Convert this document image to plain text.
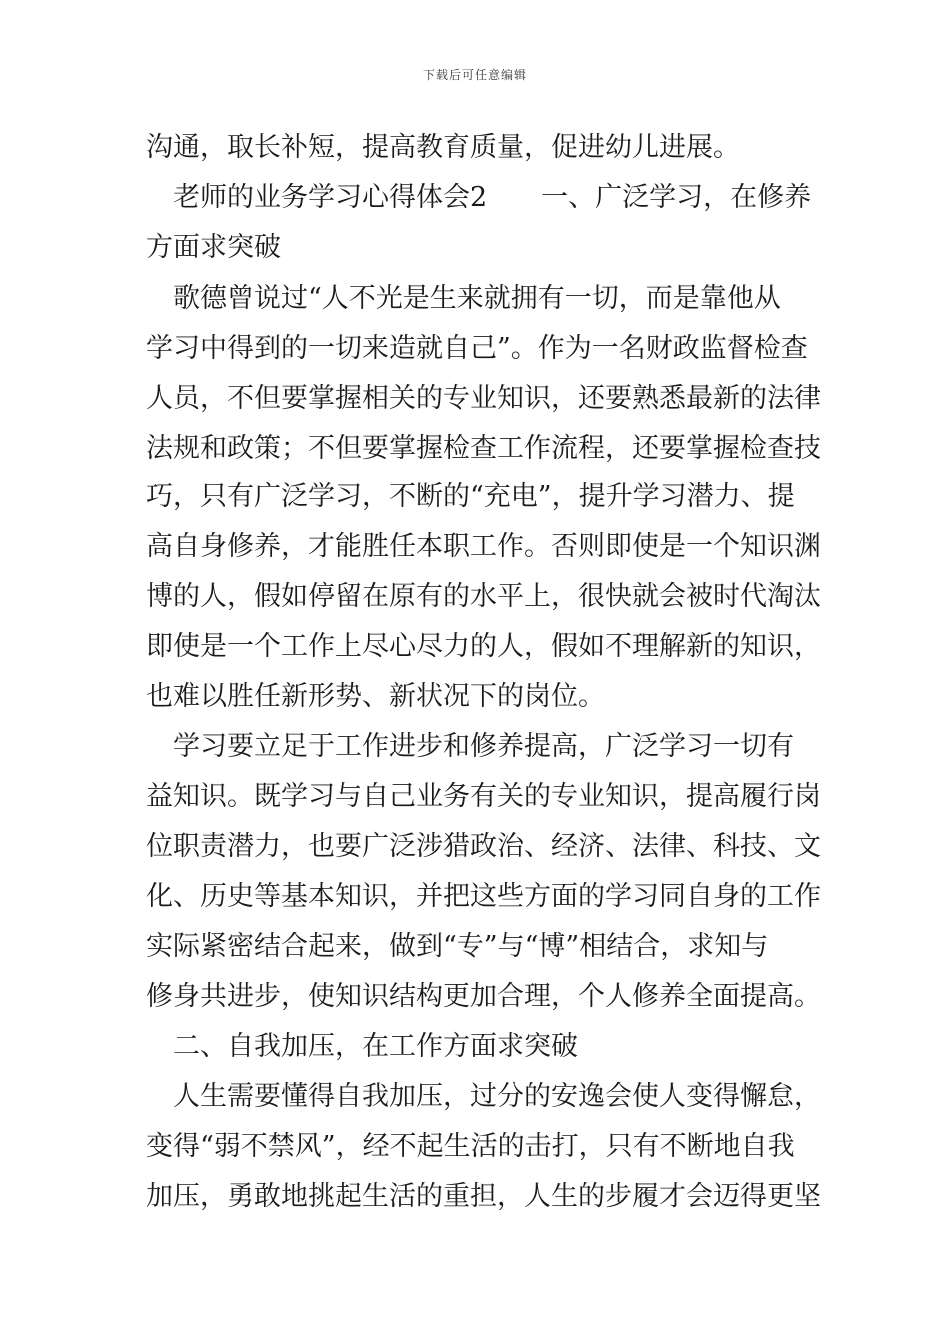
下载后可任意编辑
沟通，取长补短，提高教育质量，促进幼儿进展。
　老师的业务学习心得体会2　　一、广泛学习，在修养
方面求突破
　歌德曾说过“人不光是生来就拥有一切，而是靠他从
学习中得到的一切来造就自己”。作为一名财政监督检查
人员，不但要掌握相关的专业知识，还要熟悉最新的法律
法规和政策；不但要掌握检查工作流程，还要掌握检查技
巧，只有广泛学习，不断的“充电”，提升学习潜力、提
高自身修养，才能胜任本职工作。否则即使是一个知识渊
博的人，假如停留在原有的水平上，很快就会被时代淘汰
即使是一个工作上尽心尽力的人，假如不理解新的知识，
也难以胜任新形势、新状况下的岗位。
　学习要立足于工作进步和修养提高，广泛学习一切有
益知识。既学习与自己业务有关的专业知识，提高履行岗
位职责潜力，也要广泛涉猎政治、经济、法律、科技、文
化、历史等基本知识，并把这些方面的学习同自身的工作
实际紧密结合起来，做到“专”与“博”相结合，求知与
修身共进步，使知识结构更加合理，个人修养全面提高。
　二、自我加压，在工作方面求突破
　人生需要懂得自我加压，过分的安逸会使人变得懈怠，
变得“弱不禁风”，经不起生活的击打，只有不断地自我
加压，勇敢地挑起生活的重担，人生的步履才会迈得更坚
